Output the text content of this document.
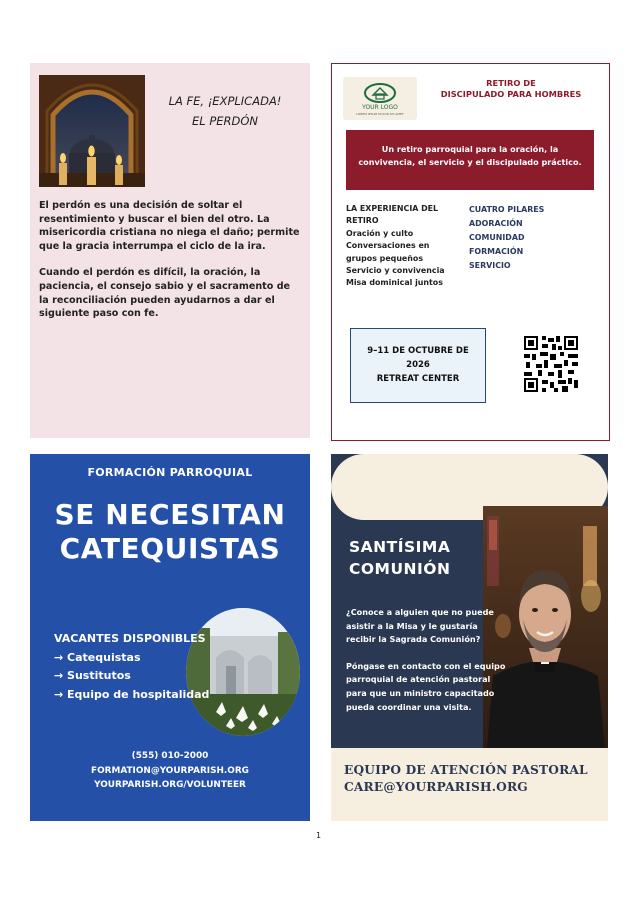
LA FE, ¡EXPLICADA!
EL PERDÓN

El perdón es una decisión de soltar el resentimiento y buscar el bien del otro. La misericordia cristiana no niega el daño; permite que la gracia interrumpa el ciclo de la ira.

Cuando el perdón es difícil, la oración, la paciencia, el consejo sabio y el sacramento de la reconciliación pueden ayudarnos a dar el siguiente paso con fe.

YOUR LOGO
LOREM IPSUM DOLOR SIT AMET
RETIRO DE
DISCIPULADO PARA HOMBRES
Un retiro parroquial para la oración, la convivencia, el servicio y el discipulado práctico.
LA EXPERIENCIA DEL RETIRO
Oración y culto
Conversaciones en grupos pequeños
Servicio y convivencia
Misa dominical juntos
CUATRO PILARES
ADORACIÓN
COMUNIDAD
FORMACIÓN
SERVICIO
9–11 DE OCTUBRE DE
2026
RETREAT CENTER
FORMACIÓN PARROQUIAL
SE NECESITAN
CATEQUISTAS
VACANTES DISPONIBLES
→ Catequistas
→ Sustitutos
→ Equipo de hospitalidad
(555) 010-2000
FORMATION@YOURPARISH.ORG
YOURPARISH.ORG/VOLUNTEER
SANTÍSIMA
COMUNIÓN

¿Conoce a alguien que no puede asistir a la Misa y le gustaría recibir la Sagrada Comunión?

Póngase en contacto con el equipo parroquial de atención pastoral para que un ministro capacitado pueda coordinar una visita.

EQUIPO DE ATENCIÓN PASTORAL
CARE@YOURPARISH.ORG
1
